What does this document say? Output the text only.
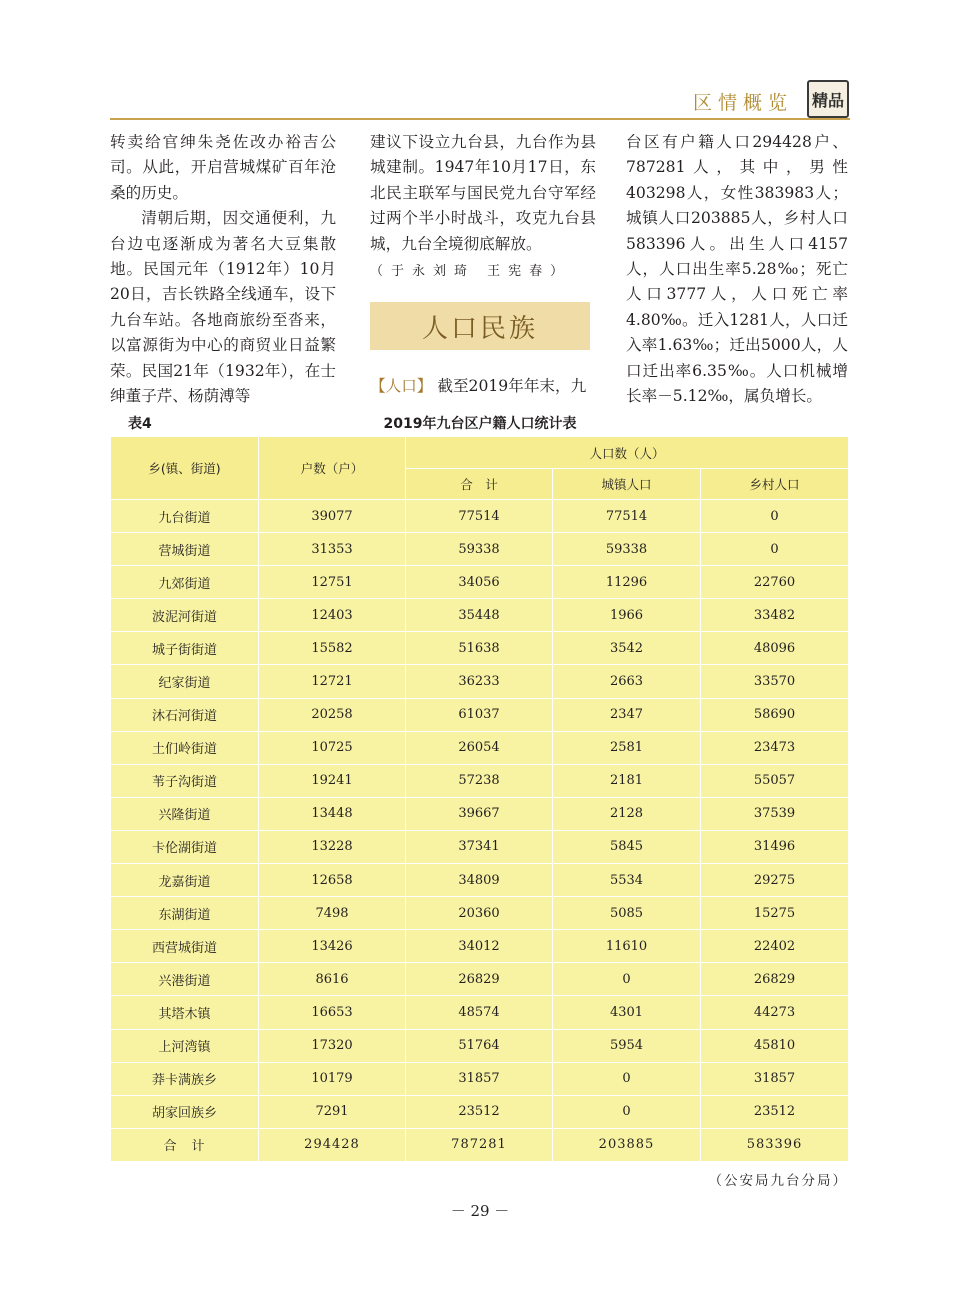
区情概览	精品

转卖给官绅朱尧佐改办裕吉公司。从此，开启营城煤矿百年沧桑的历史。

清朝后期，因交通便利，九台边屯逐渐成为著名大豆集散地。民国元年（1912年）10月20日，吉长铁路全线通车，设下九台车站。各地商旅纷至沓来，以富源街为中心的商贸业日益繁荣。民国21年（1932年），在士绅董子芹、杨荫溥等

建议下设立九台县，九台作为县城建制。1947年10月17日，东北民主联军与国民党九台守军经过两个半小时战斗，攻克九台县城，九台全境彻底解放。

（于永刘琦 王宪春）

人口民族

【人口】 截至2019年年末，九

台区有户籍人口294428户、787281人，其中，男性403298人，女性383983人；城镇人口203885人，乡村人口583396人。出生人口4157人，人口出生率5.28‰；死亡人口3777人，人口死亡率4.80‰。迁入1281人，人口迁入率1.63‰；迁出5000人，人口迁出率6.35‰。人口机械增长率－5.12‰，属负增长。

表4	2019年九台区户籍人口统计表
乡(镇、街道)	户数（户）	人口数（人）		
		合　计	城镇人口	乡村人口
九台街道	39077	77514	77514	0
营城街道	31353	59338	59338	0
九郊街道	12751	34056	11296	22760
波泥河街道	12403	35448	1966	33482
城子街街道	15582	51638	3542	48096
纪家街道	12721	36233	2663	33570
沐石河街道	20258	61037	2347	58690
土们岭街道	10725	26054	2581	23473
苇子沟街道	19241	57238	2181	55057
兴隆街道	13448	39667	2128	37539
卡伦湖街道	13228	37341	5845	31496
龙嘉街道	12658	34809	5534	29275
东湖街道	7498	20360	5085	15275
西营城街道	13426	34012	11610	22402
兴港街道	8616	26829	0	26829
其塔木镇	16653	48574	4301	44273
上河湾镇	17320	51764	5954	45810
莽卡满族乡	10179	31857	0	31857
胡家回族乡	7291	23512	0	23512
合　计	294428	787281	203885	583396
（公安局九台分局）
－ 29 －
